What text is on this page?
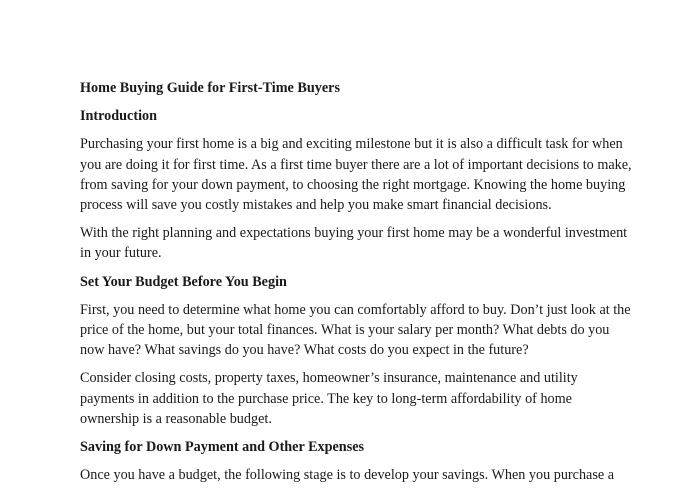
Home Buying Guide for First-Time Buyers
Introduction

Purchasing your first home is a big and exciting milestone but it is also a difficult task for when
you are doing it for first time. As a first time buyer there are a lot of important decisions to make,
from saving for your down payment, to choosing the right mortgage. Knowing the home buying
process will save you costly mistakes and help you make smart financial decisions.

With the right planning and expectations buying your first home may be a wonderful investment
in your future.

Set Your Budget Before You Begin

First, you need to determine what home you can comfortably afford to buy. Don’t just look at the
price of the home, but your total finances. What is your salary per month? What debts do you
now have? What savings do you have? What costs do you expect in the future?

Consider closing costs, property taxes, homeowner’s insurance, maintenance and utility
payments in addition to the purchase price. The key to long-term affordability of home
ownership is a reasonable budget.

Saving for Down Payment and Other Expenses

Once you have a budget, the following stage is to develop your savings. When you purchase a
